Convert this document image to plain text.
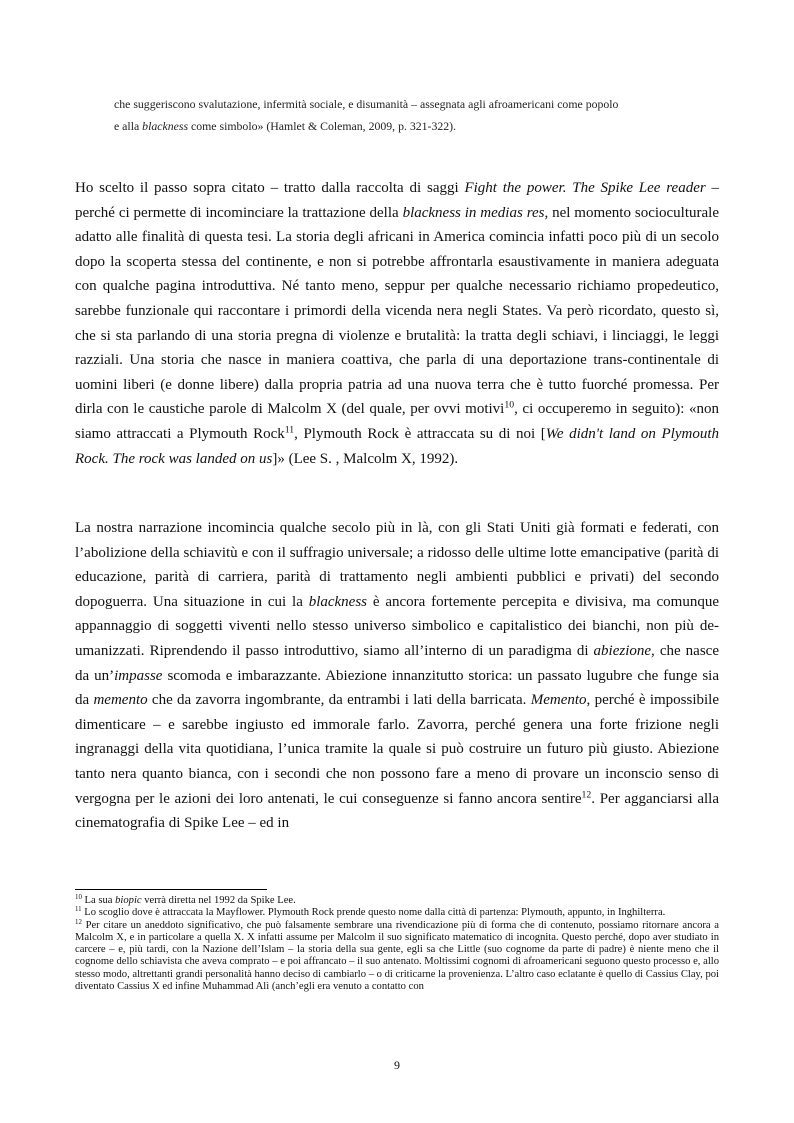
che suggeriscono svalutazione, infermità sociale, e disumanità – assegnata agli afroamericani come popolo
e alla blackness come simbolo» (Hamlet & Coleman, 2009, p. 321-322).

Ho scelto il passo sopra citato – tratto dalla raccolta di saggi Fight the power. The Spike Lee reader – perché ci permette di incominciare la trattazione della blackness in medias res, nel momento socioculturale adatto alle finalità di questa tesi. La storia degli africani in America comincia infatti poco più di un secolo dopo la scoperta stessa del continente, e non si potrebbe affrontarla esaustivamente in maniera adeguata con qualche pagina introduttiva. Né tanto meno, seppur per qualche necessario richiamo propedeutico, sarebbe funzionale qui raccontare i primordi della vicenda nera negli States. Va però ricordato, questo sì, che si sta parlando di una storia pregna di violenze e brutalità: la tratta degli schiavi, i linciaggi, le leggi razziali. Una storia che nasce in maniera coattiva, che parla di una deportazione trans-continentale di uomini liberi (e donne libere) dalla propria patria ad una nuova terra che è tutto fuorché promessa. Per dirla con le caustiche parole di Malcolm X (del quale, per ovvi motivi$^{10}$, ci occuperemo in seguito): «non siamo attraccati a Plymouth Rock$^{11}$, Plymouth Rock è attraccata su di noi [We didn't land on Plymouth Rock. The rock was landed on us]» (Lee S. , Malcolm X, 1992).

La nostra narrazione incomincia qualche secolo più in là, con gli Stati Uniti già formati e federati, con l’abolizione della schiavitù e con il suffragio universale; a ridosso delle ultime lotte emancipative (parità di educazione, parità di carriera, parità di trattamento negli ambienti pubblici e privati) del secondo dopoguerra. Una situazione in cui la blackness è ancora fortemente percepita e divisiva, ma comunque appannaggio di soggetti viventi nello stesso universo simbolico e capitalistico dei bianchi, non più de-umanizzati. Riprendendo il passo introduttivo, siamo all’interno di un paradigma di abiezione, che nasce da un’impasse scomoda e imbarazzante. Abiezione innanzitutto storica: un passato lugubre che funge sia da memento che da zavorra ingombrante, da entrambi i lati della barricata. Memento, perché è impossibile dimenticare – e sarebbe ingiusto ed immorale farlo. Zavorra, perché genera una forte frizione negli ingranaggi della vita quotidiana, l’unica tramite la quale si può costruire un futuro più giusto. Abiezione tanto nera quanto bianca, con i secondi che non possono fare a meno di provare un inconscio senso di vergogna per le azioni dei loro antenati, le cui conseguenze si fanno ancora sentire$^{12}$. Per agganciarsi alla cinematografia di Spike Lee – ed in

$^{10}$ La sua biopic verrà diretta nel 1992 da Spike Lee.

$^{11}$ Lo scoglio dove è attraccata la Mayflower. Plymouth Rock prende questo nome dalla città di partenza: Plymouth, appunto, in Inghilterra.

$^{12}$ Per citare un aneddoto significativo, che può falsamente sembrare una rivendicazione più di forma che di contenuto, possiamo ritornare ancora a Malcolm X, e in particolare a quella X. X infatti assume per Malcolm il suo significato matematico di incognita. Questo perché, dopo aver studiato in carcere – e, più tardi, con la Nazione dell’Islam – la storia della sua gente, egli sa che Little (suo cognome da parte di padre) è niente meno che il cognome dello schiavista che aveva comprato – e poi affrancato – il suo antenato. Moltissimi cognomi di afroamericani seguono questo processo e, allo stesso modo, altrettanti grandi personalità hanno deciso di cambiarlo – o di criticarne la provenienza. L’altro caso eclatante è quello di Cassius Clay, poi diventato Cassius X ed infine Muhammad Alì (anch’egli era venuto a contatto con

9
